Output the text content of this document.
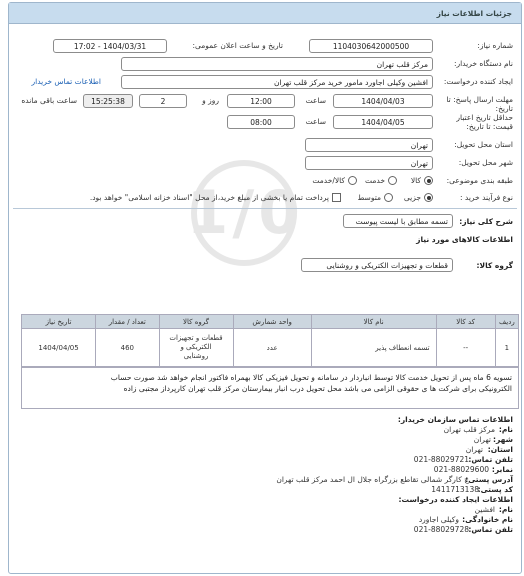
جزئیات اطلاعات نیاز
1/0
شماره نیاز:
1104030642000500
تاریخ و ساعت اعلان عمومی:
1404/03/31 - 17:02
نام دستگاه خریدار:
مرکز قلب تهران
ایجاد کننده درخواست:
افشین وکیلی اجاورد مامور خرید مرکز قلب تهران
اطلاعات تماس خریدار
مهلت ارسال پاسخ: تا تاریخ:
1404/04/03
ساعت
12:00
2	روز و
15:25:38
ساعت باقی مانده
حداقل تاریخ اعتبار
قیمت: تا تاریخ:
1404/04/05
ساعت
08:00
استان محل تحویل:
تهران
شهر محل تحویل:
تهران
طبقه بندی موضوعی:
کالا
خدمت
کالا/خدمت
نوع فرآیند خرید :
جزیی
متوسط
پرداخت تمام یا بخشی از مبلغ خرید،از محل "اسناد خزانه اسلامی" خواهد بود.
شرح کلی نیاز:
تسمه مطابق با لیست پیوست
اطلاعات کالاهای مورد نیاز
گروه کالا:
قطعات و تجهیزات الکتریکی و روشنایی
ردیف	کد کالا	نام کالا	واحد شمارش	گروه کالا	تعداد / مقدار	تاریخ نیاز
1	--	تسمه انعطاف پذیر	عدد	قطعات و تجهیزات
الکتریکی و
روشنایی	460	1404/04/05
تسویه 6 ماه پس از تحویل خدمت کالا توسط انباردار در سامانه و تحویل فیزیکی کالا بهمراه فاکتور انجام خواهد شد صورت حساب
الکترونیکی برای شرکت ها ی حقوقی الزامی می باشد محل تحویل درب انبار بیمارستان مرکز قلب تهران کارپرداز مجتبی زاده
اطلاعات تماس سازمان خریدار:
نام:
مرکز قلب تهران
شهر:
تهران
استان:
تهران
تلفن تماس:
021-88029721
نمابر:
021-88029600
آدرس پستی:
خ کارگر شمالی تقاطع بزرگراه جلال ال احمد مرکز قلب تهران
کد پستی:
1411713138
اطلاعات ایجاد کننده درخواست:
نام:
افشین
نام خانوادگی:
وکیلی اجاورد
تلفن تماس:
021-88029728
